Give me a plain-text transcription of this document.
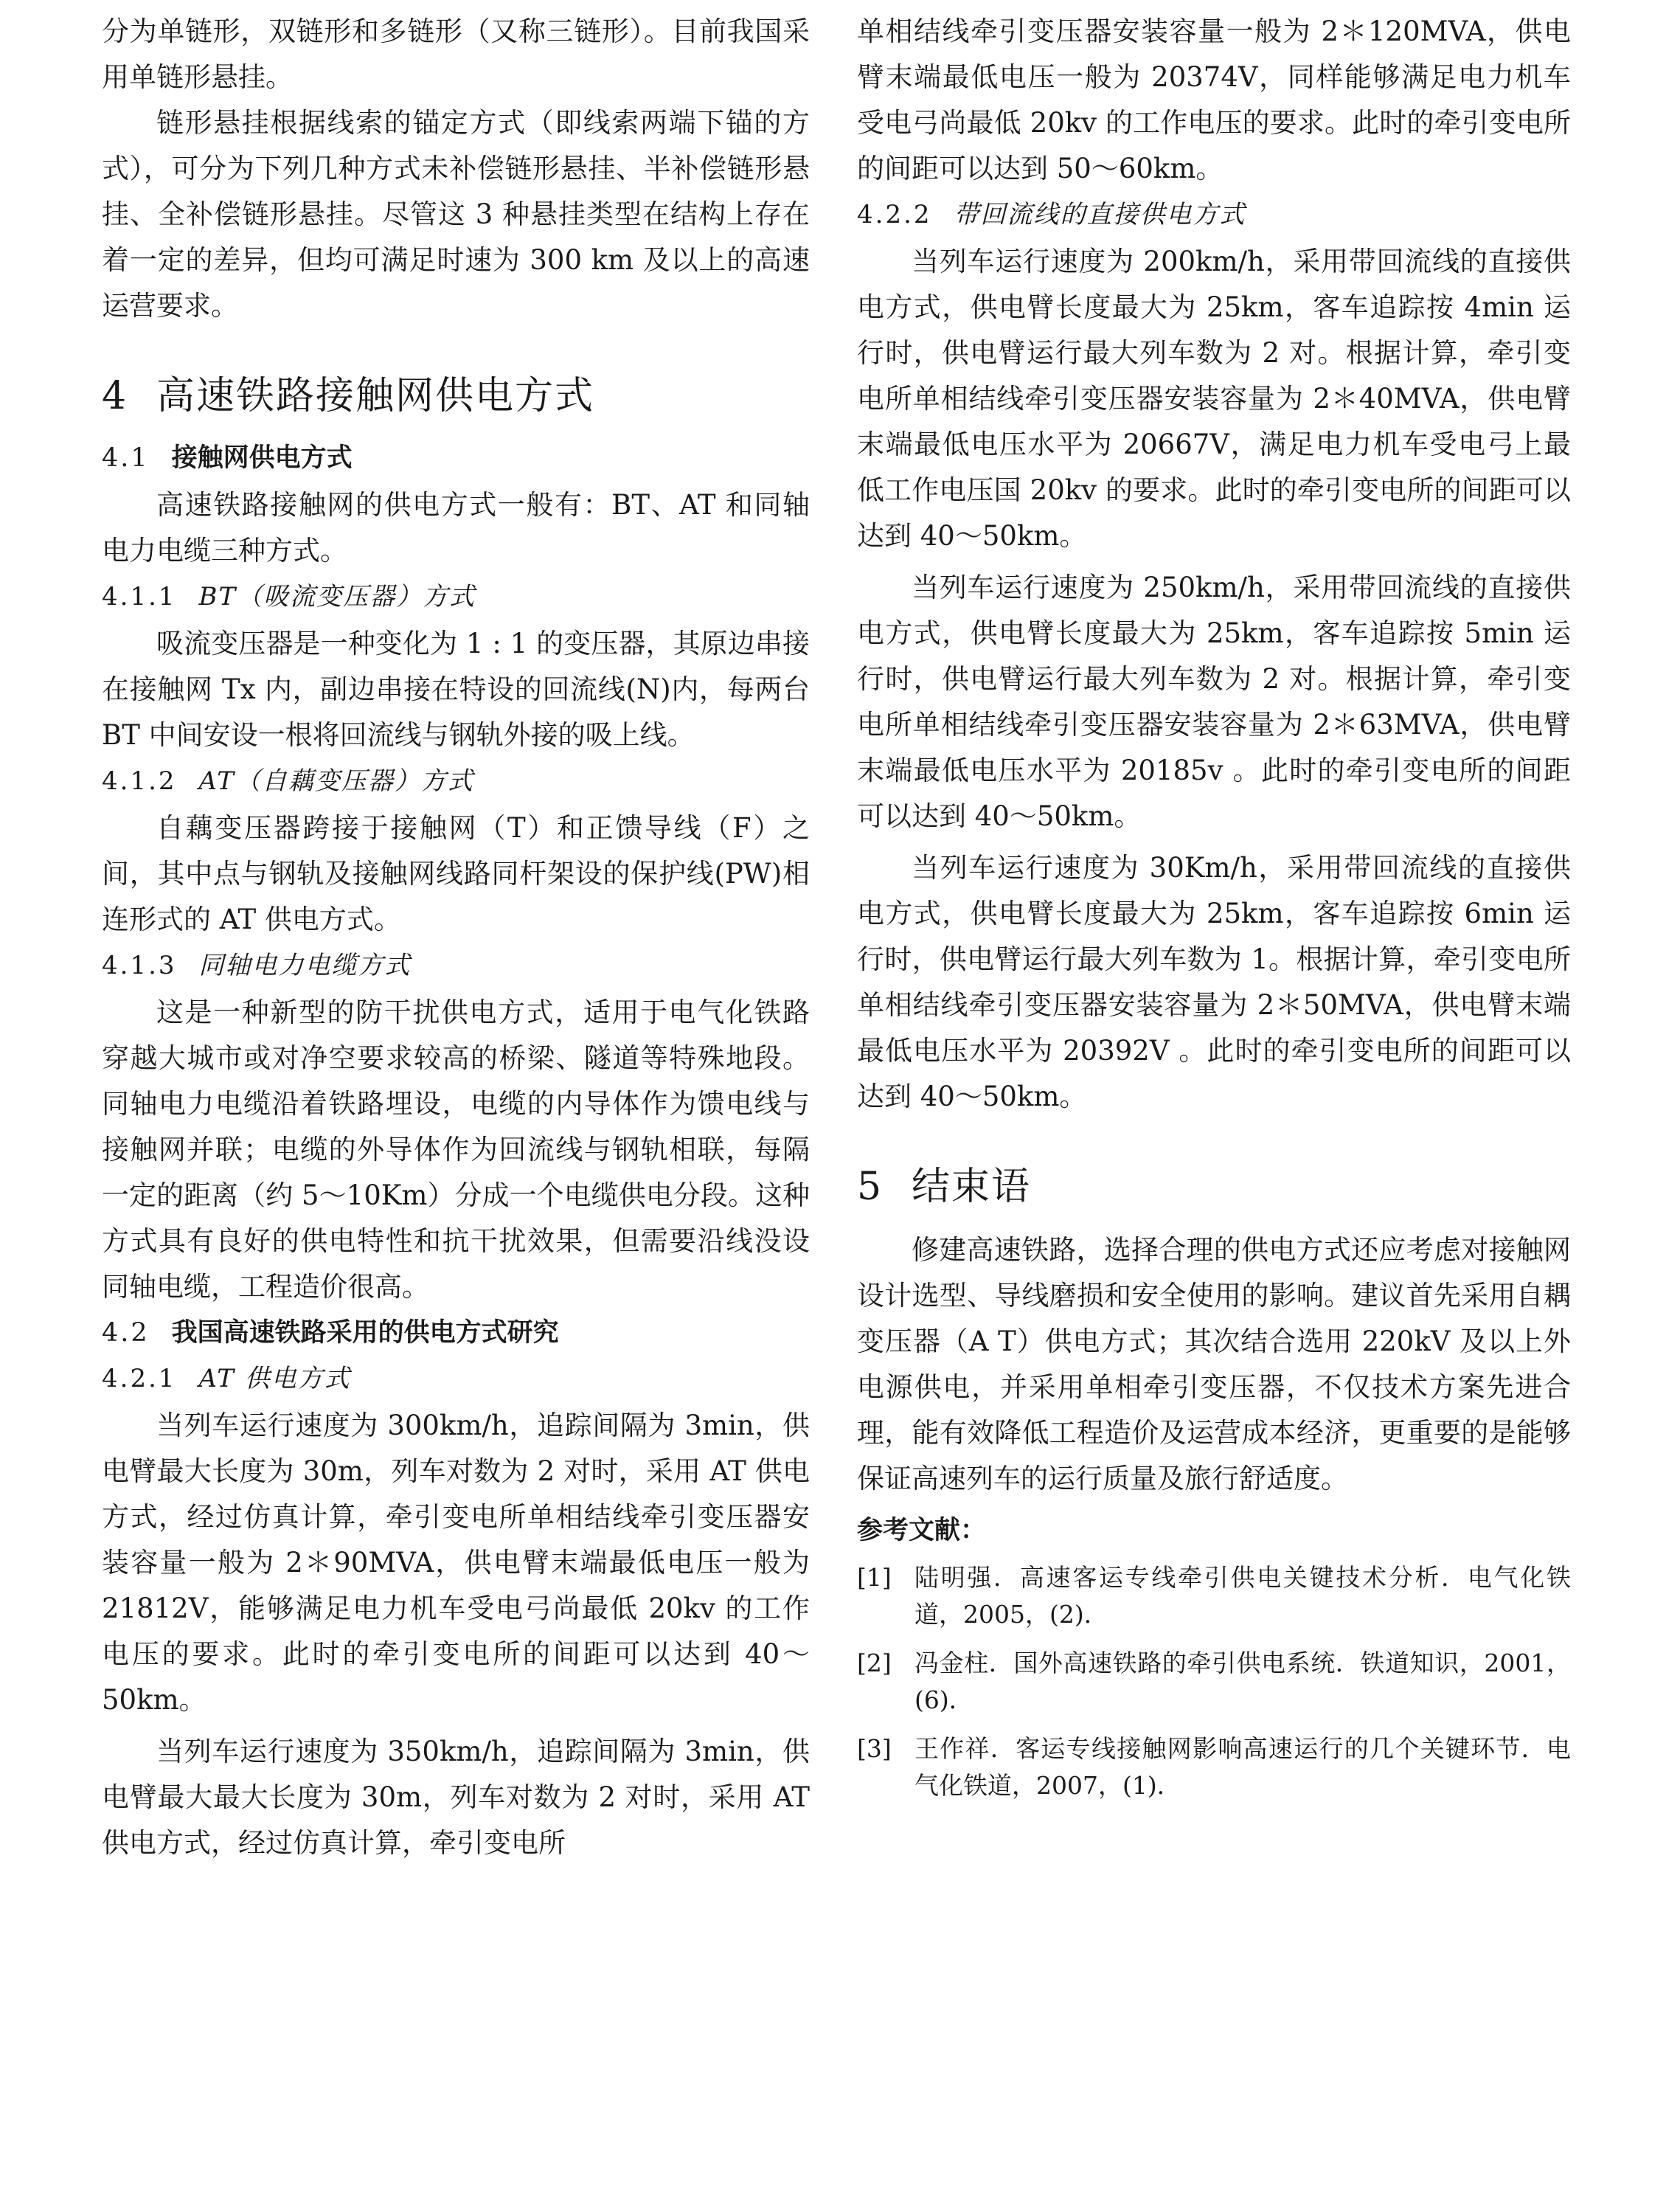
分为单链形，双链形和多链形（又称三链形）。目前我国采用单链形悬挂。

链形悬挂根据线索的锚定方式（即线索两端下锚的方式），可分为下列几种方式未补偿链形悬挂、半补偿链形悬挂、全补偿链形悬挂。尽管这 3 种悬挂类型在结构上存在着一定的差异，但均可满足时速为 300 km 及以上的高速运营要求。

4 高速铁路接触网供电方式
4.1 接触网供电方式

高速铁路接触网的供电方式一般有：BT、AT 和同轴电力电缆三种方式。

4.1.1 BT（吸流变压器）方式

吸流变压器是一种变化为 1 : 1 的变压器，其原边串接在接触网 Tx 内，副边串接在特设的回流线(N)内，每两台 BT 中间安设一根将回流线与钢轨外接的吸上线。

4.1.2 AT（自藕变压器）方式

自藕变压器跨接于接触网（T）和正馈导线（F）之间，其中点与钢轨及接触网线路同杆架设的保护线(PW)相连形式的 AT 供电方式。

4.1.3 同轴电力电缆方式

这是一种新型的防干扰供电方式，适用于电气化铁路穿越大城市或对净空要求较高的桥梁、隧道等特殊地段。同轴电力电缆沿着铁路埋设，电缆的内导体作为馈电线与接触网并联；电缆的外导体作为回流线与钢轨相联，每隔一定的距离（约 5～10Km）分成一个电缆供电分段。这种方式具有良好的供电特性和抗干扰效果，但需要沿线没设同轴电缆，工程造价很高。

4.2 我国高速铁路采用的供电方式研究
4.2.1 AT 供电方式

当列车运行速度为 300km/h，追踪间隔为 3min，供电臂最大长度为 30m，列车对数为 2 对时，采用 AT 供电方式，经过仿真计算，牵引变电所单相结线牵引变压器安装容量一般为 2＊90MVA，供电臂末端最低电压一般为 21812V，能够满足电力机车受电弓尚最低 20kv 的工作电压的要求。此时的牵引变电所的间距可以达到 40～50km。

当列车运行速度为 350km/h，追踪间隔为 3min，供电臂最大最大长度为 30m，列车对数为 2 对时，采用 AT 供电方式，经过仿真计算，牵引变电所

单相结线牵引变压器安装容量一般为 2＊120MVA，供电臂末端最低电压一般为 20374V，同样能够满足电力机车受电弓尚最低 20kv 的工作电压的要求。此时的牵引变电所的间距可以达到 50～60km。

4.2.2 带回流线的直接供电方式

当列车运行速度为 200km/h，采用带回流线的直接供电方式，供电臂长度最大为 25km，客车追踪按 4min 运行时，供电臂运行最大列车数为 2 对。根据计算，牵引变电所单相结线牵引变压器安装容量为 2＊40MVA，供电臂末端最低电压水平为 20667V，满足电力机车受电弓上最低工作电压国 20kv 的要求。此时的牵引变电所的间距可以达到 40～50km。

当列车运行速度为 250km/h，采用带回流线的直接供电方式，供电臂长度最大为 25km，客车追踪按 5min 运行时，供电臂运行最大列车数为 2 对。根据计算，牵引变电所单相结线牵引变压器安装容量为 2＊63MVA，供电臂末端最低电压水平为 20185v 。此时的牵引变电所的间距可以达到 40～50km。

当列车运行速度为 30Km/h，采用带回流线的直接供电方式，供电臂长度最大为 25km，客车追踪按 6min 运行时，供电臂运行最大列车数为 1。根据计算，牵引变电所单相结线牵引变压器安装容量为 2＊50MVA，供电臂末端最低电压水平为 20392V 。此时的牵引变电所的间距可以达到 40～50km。

5 结束语

修建高速铁路，选择合理的供电方式还应考虑对接触网设计选型、导线磨损和安全使用的影响。建议首先采用自耦变压器（A T）供电方式；其次结合选用 220kV 及以上外电源供电，并采用单相牵引变压器，不仅技术方案先进合理，能有效降低工程造价及运营成本经济，更重要的是能够保证高速列车的运行质量及旅行舒适度。

参考文献：
[1] 陆明强．高速客运专线牵引供电关键技术分析．电气化铁道，2005，(2)．
[2] 冯金柱．国外高速铁路的牵引供电系统．铁道知识，2001，(6)．
[3] 王作祥．客运专线接触网影响高速运行的几个关键环节．电气化铁道，2007，(1)．
